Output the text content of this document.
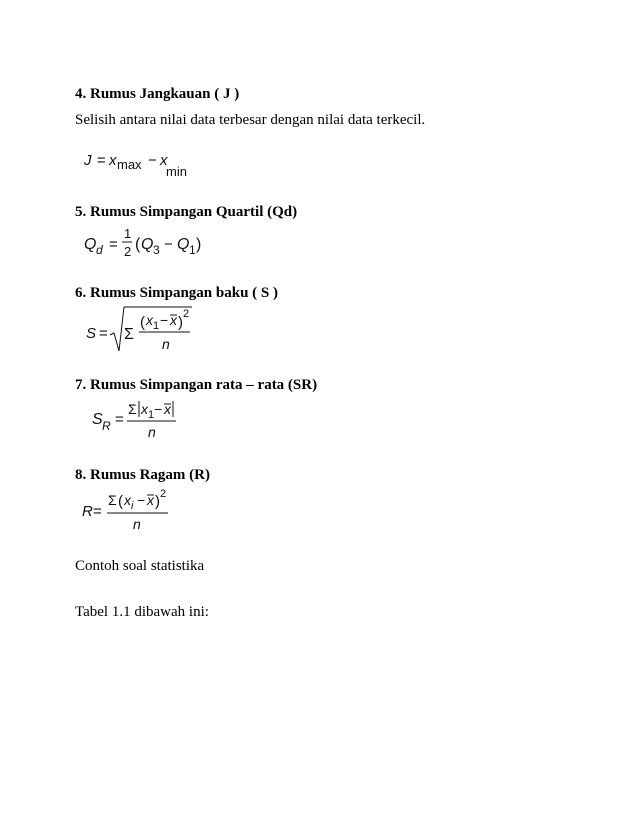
4. Rumus Jangkauan ( J )
Selisih antara nilai data terbesar dengan nilai data terkecil.
J = x max − x
min
5. Rumus Simpangan Quartil (Qd)
Q d =
1
2 ( Q 3 − Q 1 )
6. Rumus Simpangan baku ( S )
S = Σ
( x 1 − x ) 2
n
7. Rumus Simpangan rata – rata (SR)
S R =
Σ x 1 − x
n
8. Rumus Ragam (R)
R =
Σ ( x i − x ) 2
n
Contoh soal statistika
Tabel 1.1 dibawah ini:
